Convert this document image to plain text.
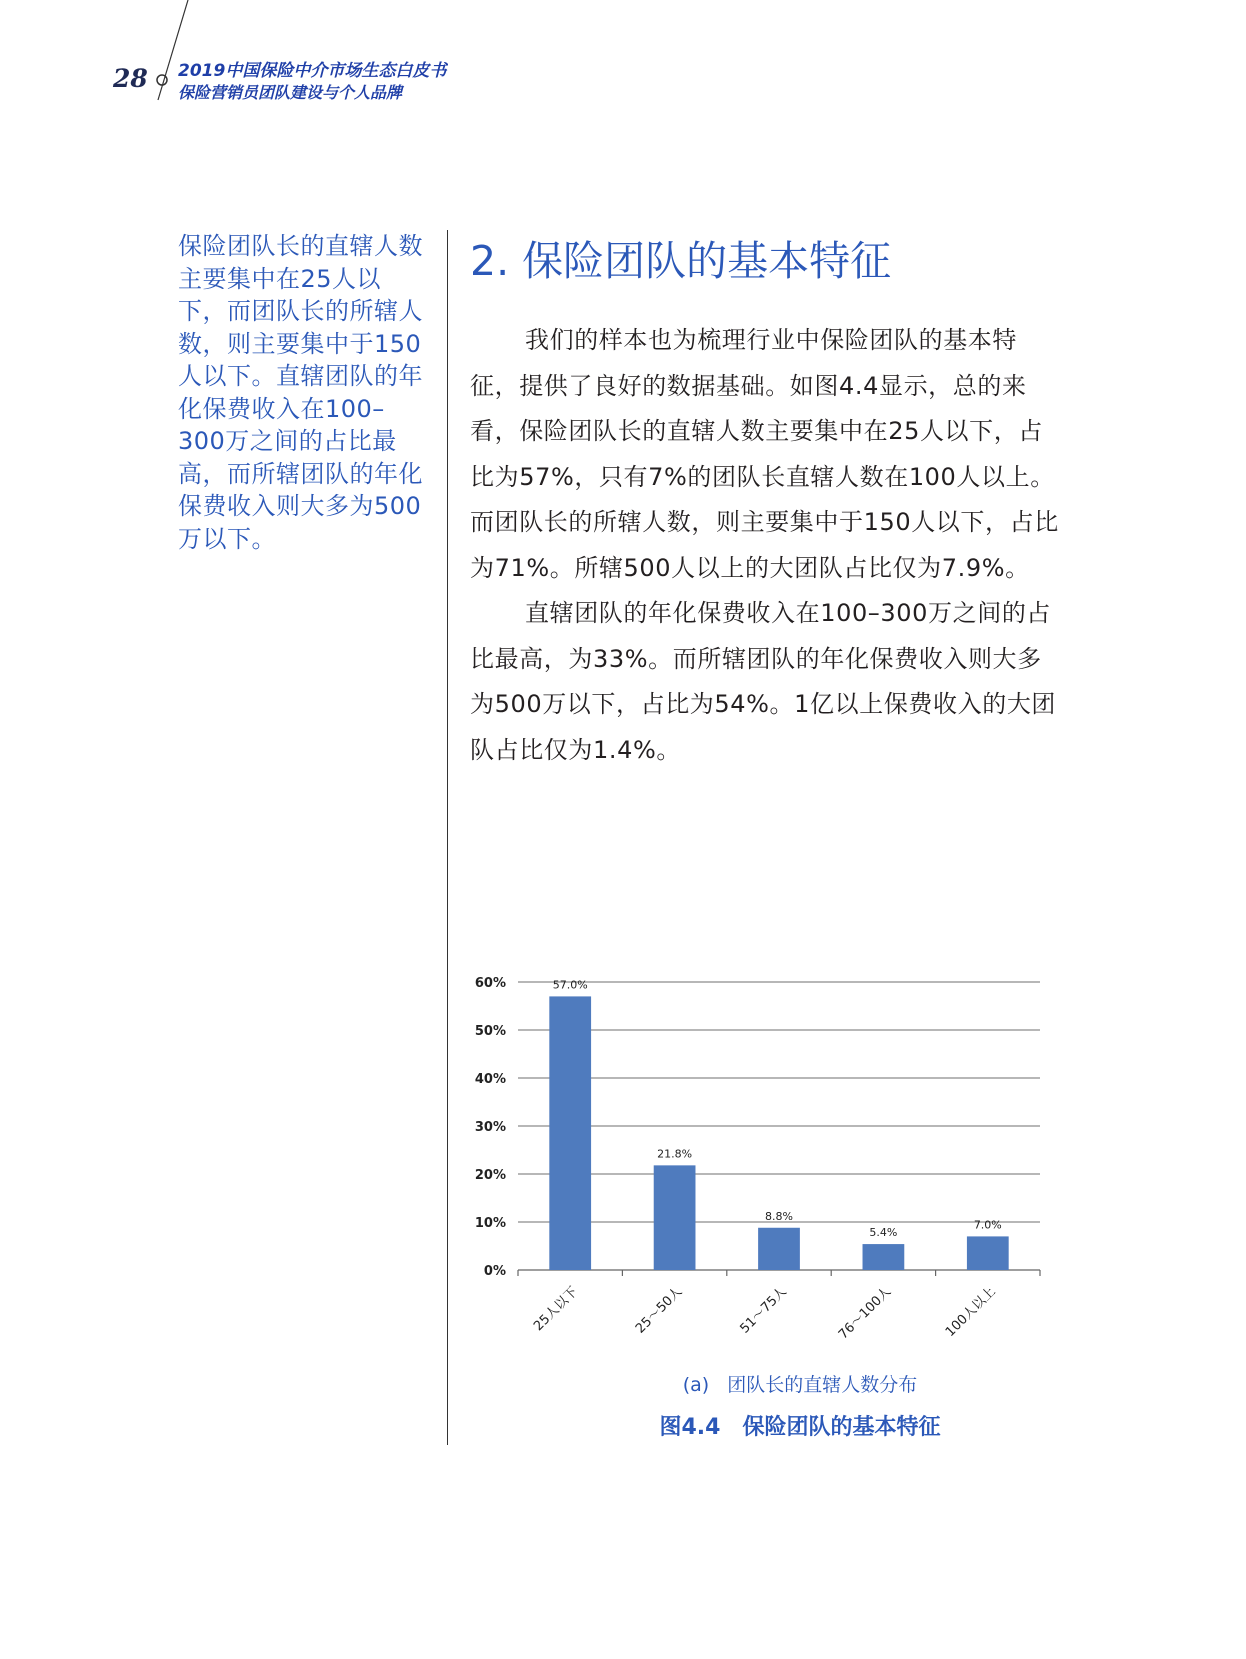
28 2019中国保险中介市场生态白皮书
保险营销员团队建设与个人品牌
保险团队长的直辖人数主要集中在25人以下，而团队长的所辖人数，则主要集中于150人以下。直辖团队的年化保费收入在100–300万之间的占比最高，而所辖团队的年化保费收入则大多为500万以下。
2. 保险团队的基本特征

我们的样本也为梳理行业中保险团队的基本特征，提供了良好的数据基础。如图4.4显示，总的来看，保险团队长的直辖人数主要集中在25人以下，占比为57%，只有7%的团队长直辖人数在100人以上。而团队长的所辖人数，则主要集中于150人以下，占比为71%。所辖500人以上的大团队占比仅为7.9%。

直辖团队的年化保费收入在100–300万之间的占比最高，为33%。而所辖团队的年化保费收入则大多为500万以下，占比为54%。1亿以上保费收入的大团队占比仅为1.4%。

0%
10%
20%
30%
40%
50%
60%	57.0%
25人以下
21.8%
25～50人
8.8%
51～75人
5.4%
76～100人
7.0%
100人以上
(a) 团队长的直辖人数分布
图4.4 保险团队的基本特征
